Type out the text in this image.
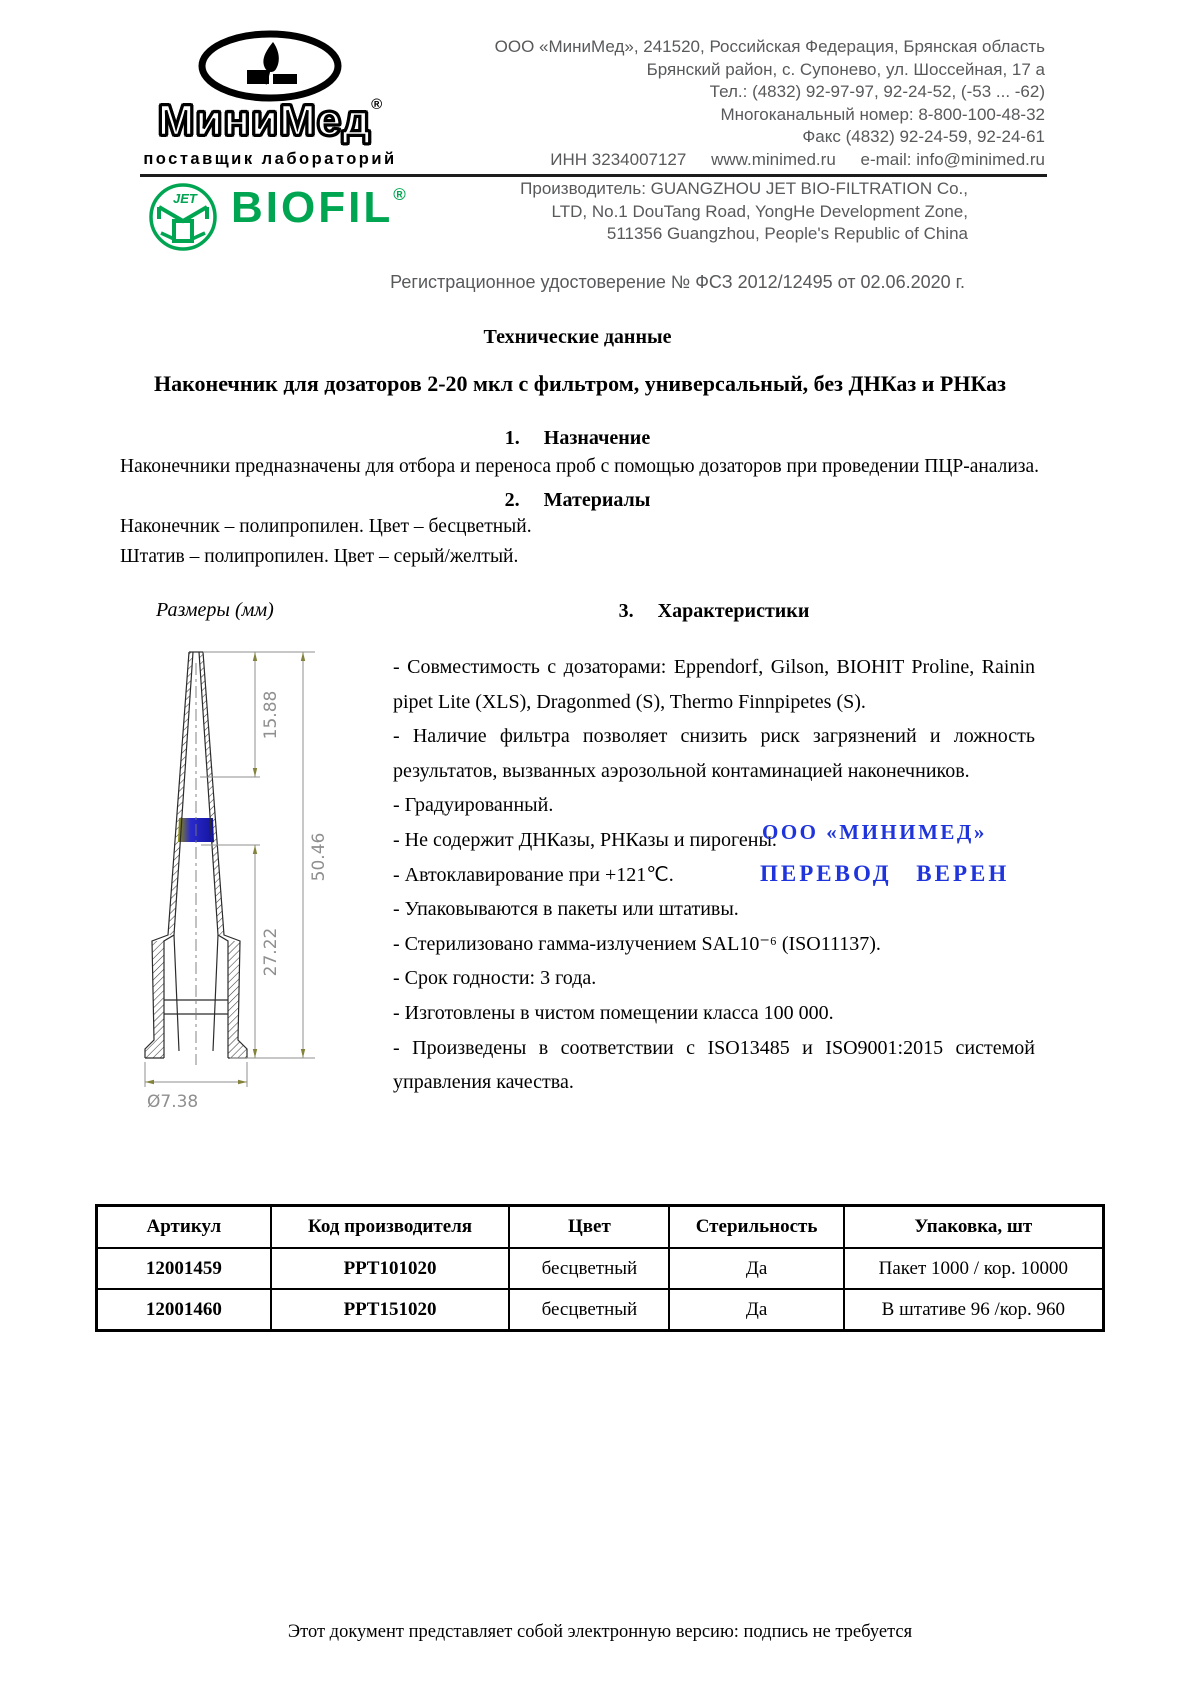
МиниМед®
поставщик лабораторий
ООО «МиниМед», 241520, Российская Федерация, Брянская область
Брянский район, с. Супонево, ул. Шоссейная, 17 а
Тел.: (4832) 92-97-97, 92-24-52, (-53 ... -62)
Многоканальный номер: 8-800-100-48-32
Факс (4832) 92-24-59, 92-24-61
ИНН 3234007127 www.minimed.ru e-mail: info@minimed.ru
JET BIOFIL®	Производитель: GUANGZHOU JET BIO-FILTRATION Co.,
LTD, No.1 DouTang Road, YongHe Development Zone,
511356 Guangzhou, People's Republic of China
Регистрационное удостоверение № ФСЗ 2012/12495 от 02.06.2020 г.
Технические данные
Наконечник для дозаторов 2-20 мкл с фильтром, универсальный, без ДНКаз и РНКаз
1. Назначение
Наконечники предназначены для отбора и переноса проб с помощью дозаторов при проведении ПЦР-анализа.
2. Материалы
Наконечник – полипропилен. Цвет – бесцветный.
Штатив – полипропилен. Цвет – серый/желтый.
Размеры (мм)
15.88
27.22
50.46
Ø7.38
3. Характеристики

- Совместимость с дозаторами: Eppendorf, Gilson, BIOHIT Proline, Rainin pipet Lite (XLS), Dragonmed (S), Thermo Finnpipetes (S).

- Наличие фильтра позволяет снизить риск загрязнений и ложность результатов, вызванных аэрозольной контаминацией наконечников.

- Градуированный.

- Не содержит ДНКазы, РНКазы и пирогены.

- Автоклавирование при +121℃.

- Упаковываются в пакеты или штативы.

- Стерилизовано гамма-излучением SAL10⁻⁶ (ISO11137).

- Срок годности: 3 года.

- Изготовлены в чистом помещении класса 100 000.

- Произведены в соответствии с ISO13485 и ISO9001:2015 системой управления качества.

ООО «МИНИМЕД»
ПЕРЕВОД ВЕРЕН
Артикул	Код производителя	Цвет	Стерильность	Упаковка, шт
12001459	PPT101020	бесцветный	Да	Пакет 1000 / кор. 10000
12001460	PPT151020	бесцветный	Да	В штативе 96 /кор. 960
Этот документ представляет собой электронную версию: подпись не требуется
